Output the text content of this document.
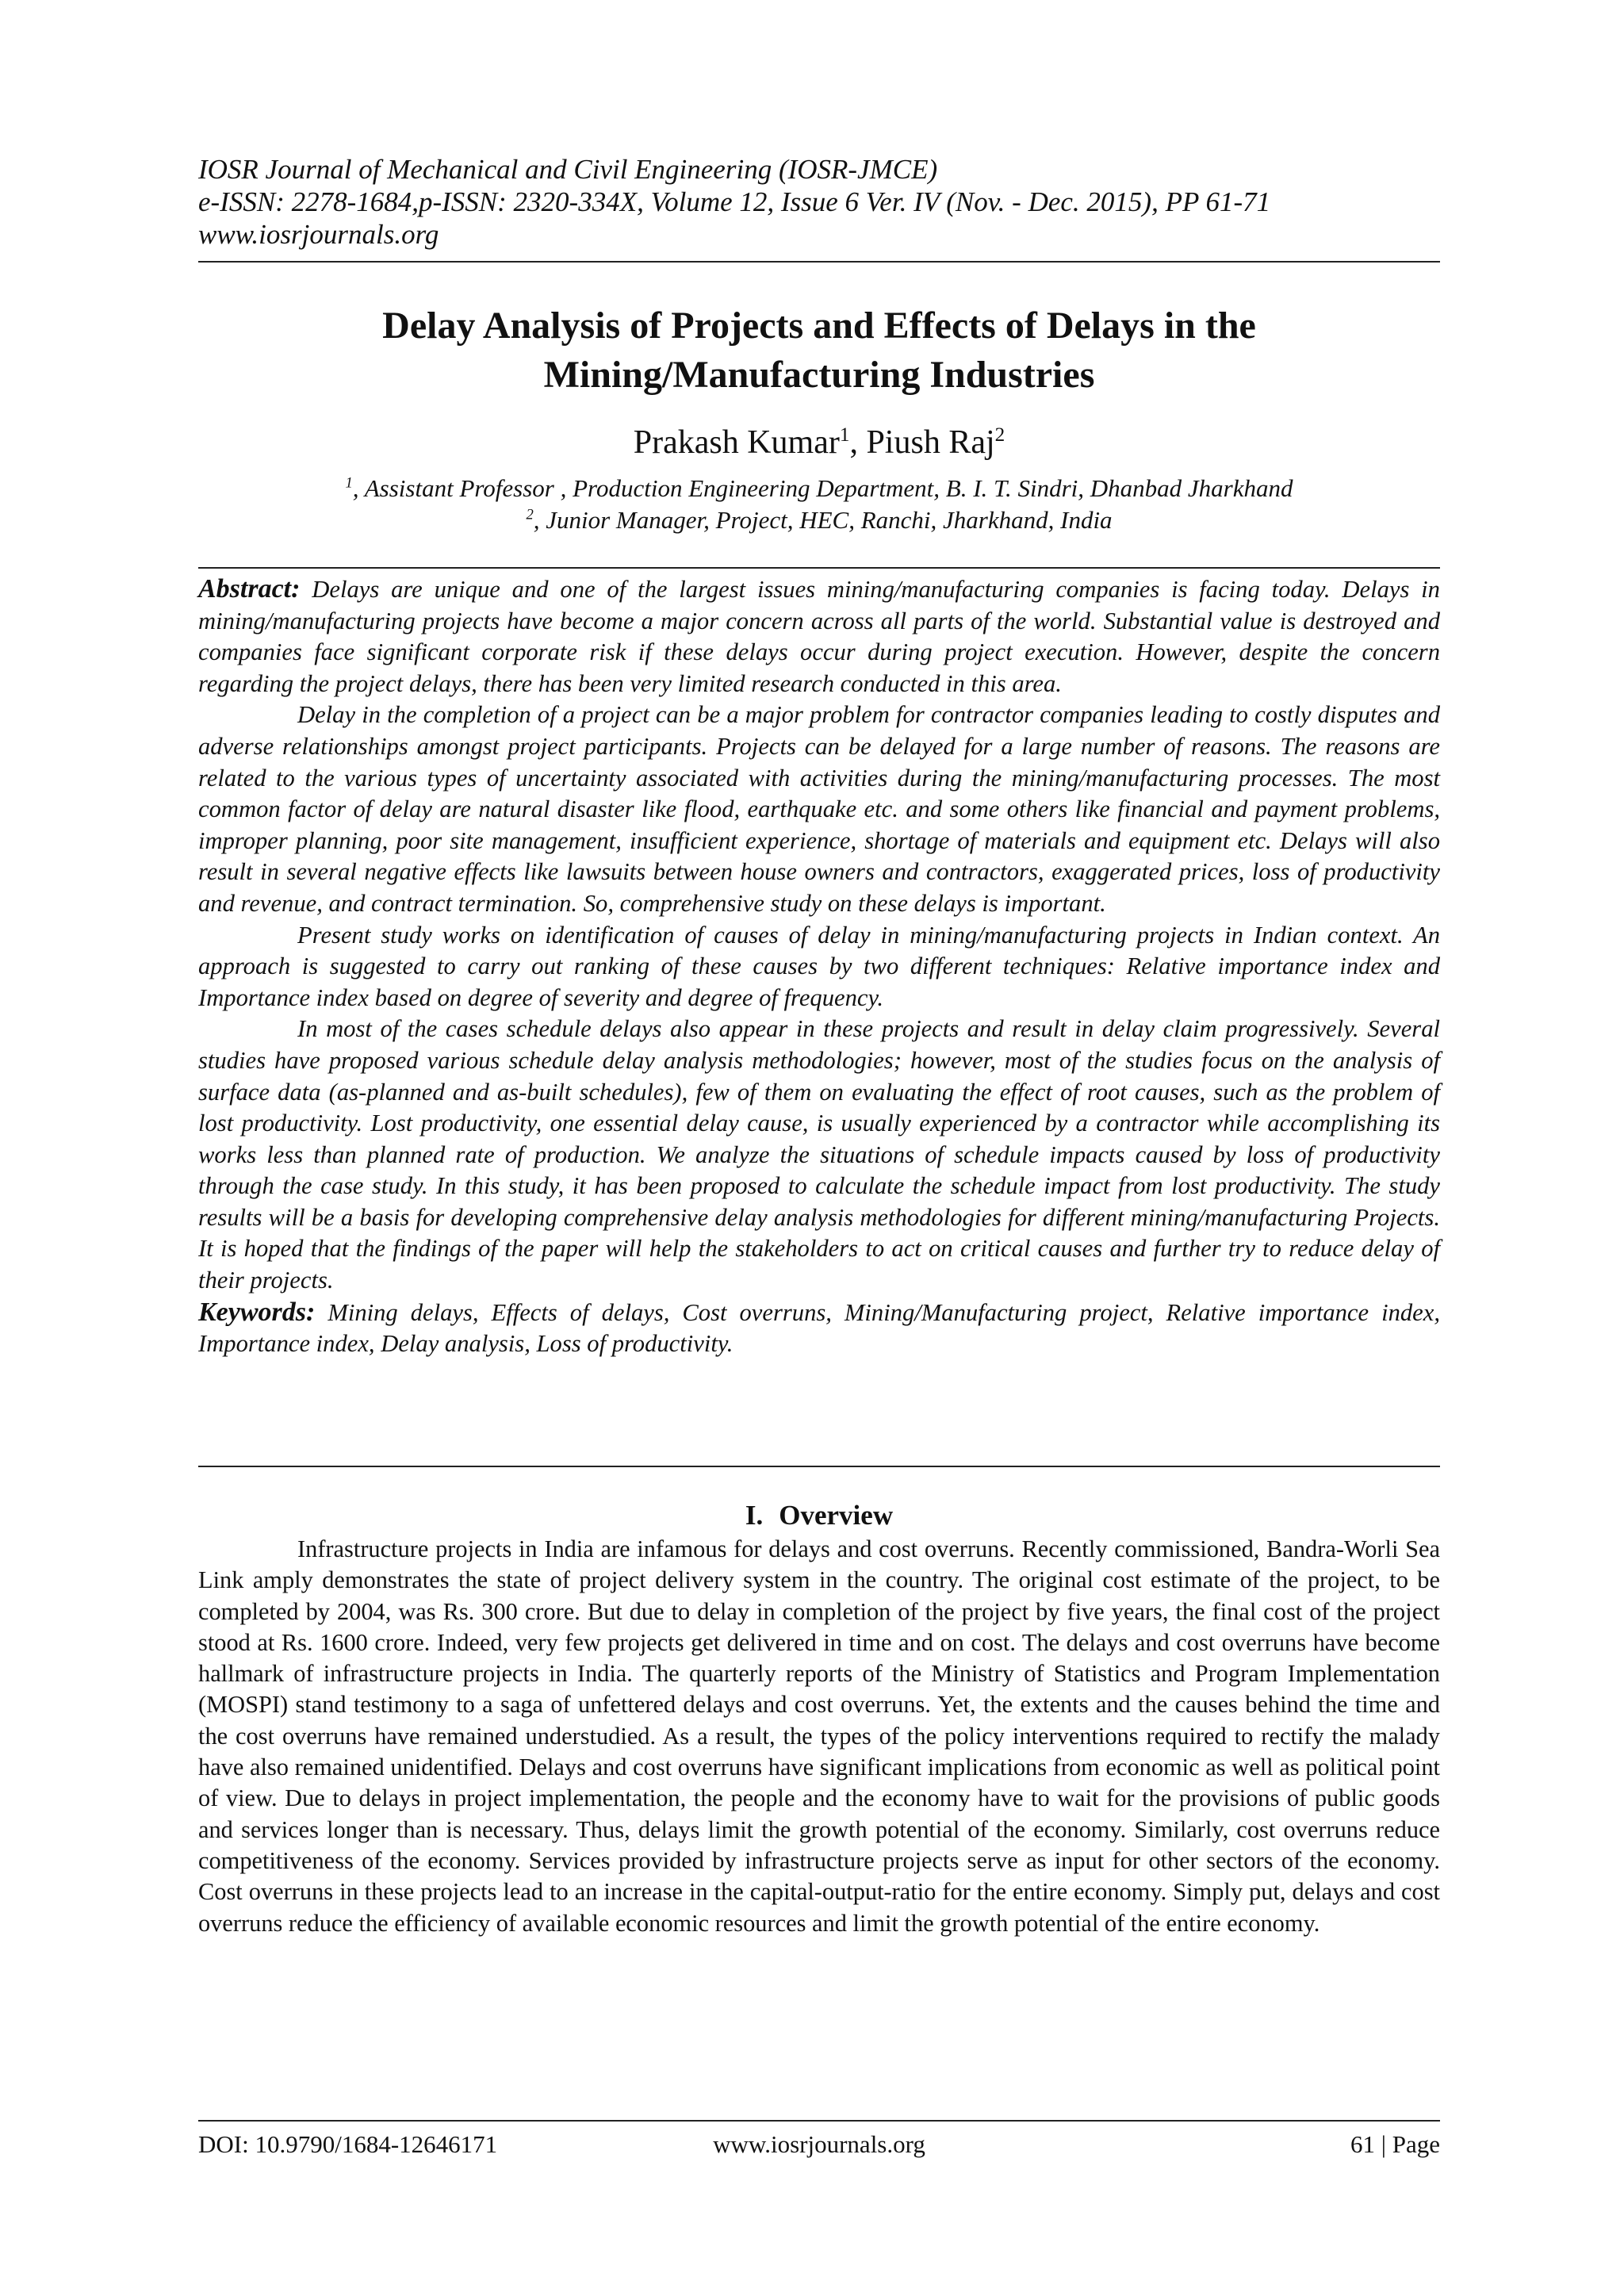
IOSR Journal of Mechanical and Civil Engineering (IOSR-JMCE)
e-ISSN: 2278-1684,p-ISSN: 2320-334X, Volume 12, Issue 6 Ver. IV (Nov. - Dec. 2015), PP 61-71
www.iosrjournals.org
Delay Analysis of Projects and Effects of Delays in the
Mining/Manufacturing Industries
Prakash Kumar$^1$, Piush Raj$^2$
$^1$, Assistant Professor , Production Engineering Department, B. I. T. Sindri, Dhanbad Jharkhand
$^2$, Junior Manager, Project, HEC, Ranchi, Jharkhand, India

Abstract: Delays are unique and one of the largest issues mining/manufacturing companies is facing today. Delays in mining/manufacturing projects have become a major concern across all parts of the world. Substantial value is destroyed and companies face significant corporate risk if these delays occur during project execution. However, despite the concern regarding the project delays, there has been very limited research conducted in this area.

Delay in the completion of a project can be a major problem for contractor companies leading to costly disputes and adverse relationships amongst project participants. Projects can be delayed for a large number of reasons. The reasons are related to the various types of uncertainty associated with activities during the mining/manufacturing processes. The most common factor of delay are natural disaster like flood, earthquake etc. and some others like financial and payment problems, improper planning, poor site management, insufficient experience, shortage of materials and equipment etc. Delays will also result in several negative effects like lawsuits between house owners and contractors, exaggerated prices, loss of productivity and revenue, and contract termination. So, comprehensive study on these delays is important.

Present study works on identification of causes of delay in mining/manufacturing projects in Indian context. An approach is suggested to carry out ranking of these causes by two different techniques: Relative importance index and Importance index based on degree of severity and degree of frequency.

In most of the cases schedule delays also appear in these projects and result in delay claim progressively. Several studies have proposed various schedule delay analysis methodologies; however, most of the studies focus on the analysis of surface data (as-planned and as-built schedules), few of them on evaluating the effect of root causes, such as the problem of lost productivity. Lost productivity, one essential delay cause, is usually experienced by a contractor while accomplishing its works less than planned rate of production. We analyze the situations of schedule impacts caused by loss of productivity through the case study. In this study, it has been proposed to calculate the schedule impact from lost productivity. The study results will be a basis for developing comprehensive delay analysis methodologies for different mining/manufacturing Projects. It is hoped that the findings of the paper will help the stakeholders to act on critical causes and further try to reduce delay of their projects.

Keywords: Mining delays, Effects of delays, Cost overruns, Mining/Manufacturing project, Relative importance index, Importance index, Delay analysis, Loss of productivity.

I. Overview

Infrastructure projects in India are infamous for delays and cost overruns. Recently commissioned, Bandra-Worli Sea Link amply demonstrates the state of project delivery system in the country. The original cost estimate of the project, to be completed by 2004, was Rs. 300 crore. But due to delay in completion of the project by five years, the final cost of the project stood at Rs. 1600 crore. Indeed, very few projects get delivered in time and on cost. The delays and cost overruns have become hallmark of infrastructure projects in India. The quarterly reports of the Ministry of Statistics and Program Implementation (MOSPI) stand testimony to a saga of unfettered delays and cost overruns. Yet, the extents and the causes behind the time and the cost overruns have remained understudied. As a result, the types of the policy interventions required to rectify the malady have also remained unidentified. Delays and cost overruns have significant implications from economic as well as political point of view. Due to delays in project implementation, the people and the economy have to wait for the provisions of public goods and services longer than is necessary. Thus, delays limit the growth potential of the economy. Similarly, cost overruns reduce competitiveness of the economy. Services provided by infrastructure projects serve as input for other sectors of the economy. Cost overruns in these projects lead to an increase in the capital-output-ratio for the entire economy. Simply put, delays and cost overruns reduce the efficiency of available economic resources and limit the growth potential of the entire economy.

DOI: 10.9790/1684-12646171	www.iosrjournals.org	61 | Page
